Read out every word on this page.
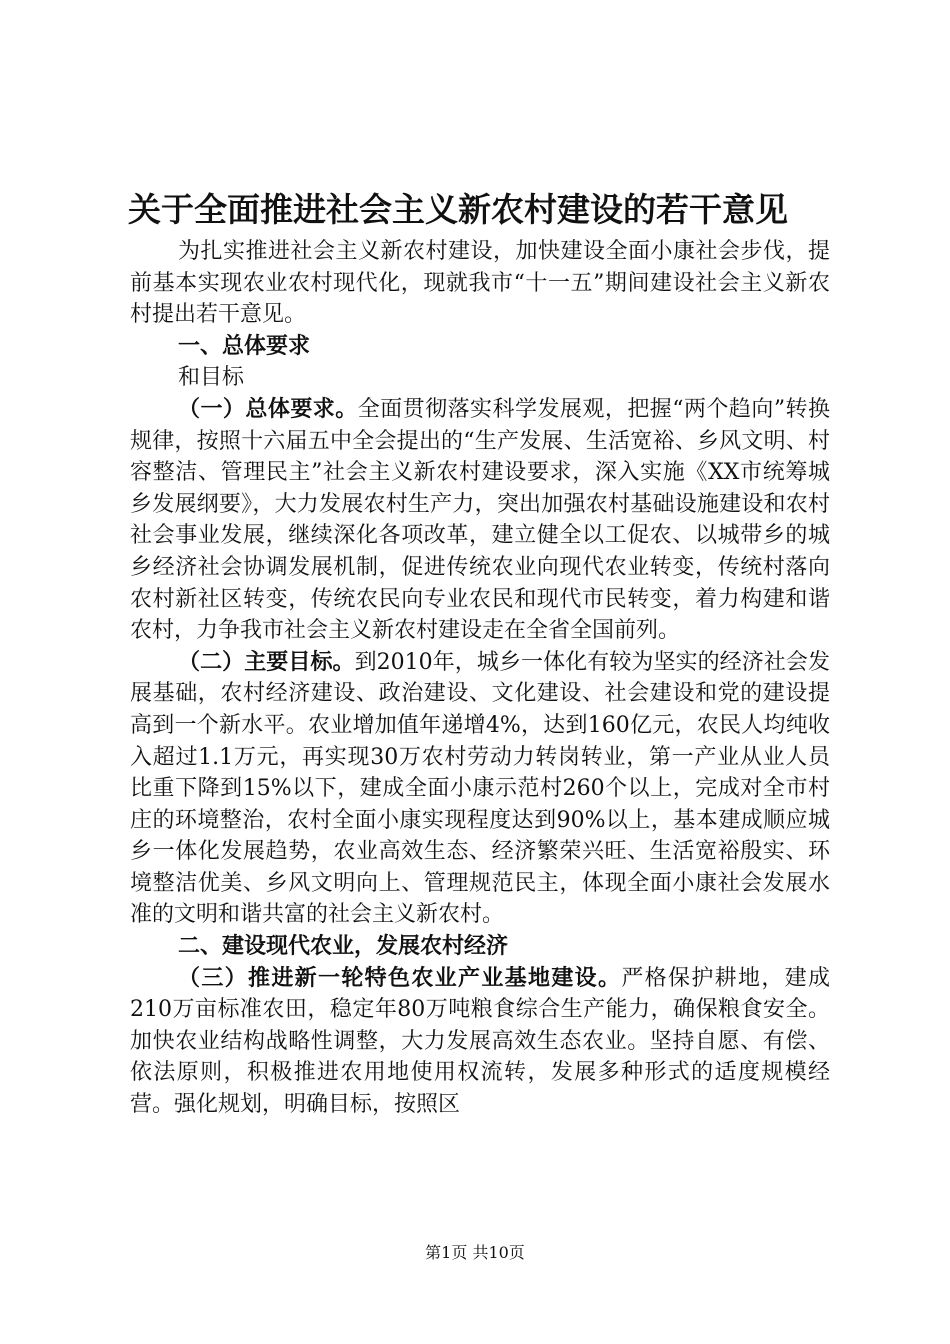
关于全面推进社会主义新农村建设的若干意见

为扎实推进社会主义新农村建设，加快建设全面小康社会步伐，提前基本实现农业农村现代化，现就我市“十一五”期间建设社会主义新农村提出若干意见。

一、总体要求

和目标

（一）总体要求。全面贯彻落实科学发展观，把握“两个趋向”转换规律，按照十六届五中全会提出的“生产发展、生活宽裕、乡风文明、村容整洁、管理民主”社会主义新农村建设要求，深入实施《XX市统筹城乡发展纲要》，大力发展农村生产力，突出加强农村基础设施建设和农村社会事业发展，继续深化各项改革，建立健全以工促农、以城带乡的城乡经济社会协调发展机制，促进传统农业向现代农业转变，传统村落向农村新社区转变，传统农民向专业农民和现代市民转变，着力构建和谐农村，力争我市社会主义新农村建设走在全省全国前列。

（二）主要目标。到2010年，城乡一体化有较为坚实的经济社会发展基础，农村经济建设、政治建设、文化建设、社会建设和党的建设提高到一个新水平。农业增加值年递增4%，达到160亿元，农民人均纯收入超过1.1万元，再实现30万农村劳动力转岗转业，第一产业从业人员比重下降到15%以下，建成全面小康示范村260个以上，完成对全市村庄的环境整治，农村全面小康实现程度达到90%以上，基本建成顺应城乡一体化发展趋势，农业高效生态、经济繁荣兴旺、生活宽裕殷实、环境整洁优美、乡风文明向上、管理规范民主，体现全面小康社会发展水准的文明和谐共富的社会主义新农村。

二、建设现代农业，发展农村经济

（三）推进新一轮特色农业产业基地建设。严格保护耕地，建成210万亩标准农田，稳定年80万吨粮食综合生产能力，确保粮食安全。加快农业结构战略性调整，大力发展高效生态农业。坚持自愿、有偿、依法原则，积极推进农用地使用权流转，发展多种形式的适度规模经营。强化规划，明确目标，按照区

第1页 共10页
